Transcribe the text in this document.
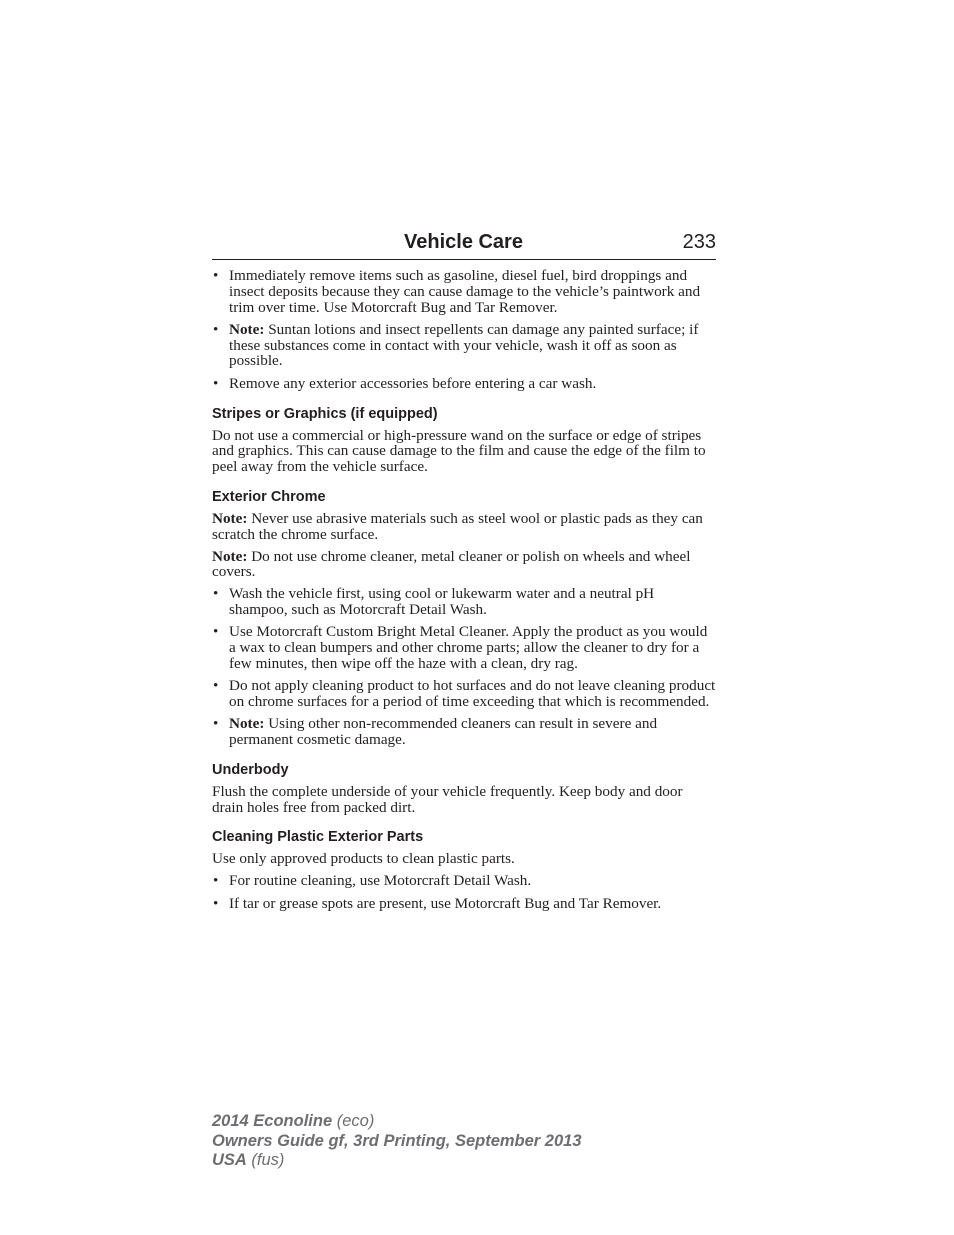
Vehicle Care	233
• Immediately remove items such as gasoline, diesel fuel, bird droppings and insect deposits because they can cause damage to the vehicle’s paintwork and trim over time. Use Motorcraft Bug and Tar Remover.
• Note: Suntan lotions and insect repellents can damage any painted surface; if these substances come in contact with your vehicle, wash it off as soon as possible.
• Remove any exterior accessories before entering a car wash.
Stripes or Graphics (if equipped)
Do not use a commercial or high-pressure wand on the surface or edge of stripes and graphics. This can cause damage to the film and cause the edge of the film to peel away from the vehicle surface.
Exterior Chrome
Note: Never use abrasive materials such as steel wool or plastic pads as they can scratch the chrome surface.
Note: Do not use chrome cleaner, metal cleaner or polish on wheels and wheel covers.
• Wash the vehicle first, using cool or lukewarm water and a neutral pH shampoo, such as Motorcraft Detail Wash.
• Use Motorcraft Custom Bright Metal Cleaner. Apply the product as you would a wax to clean bumpers and other chrome parts; allow the cleaner to dry for a few minutes, then wipe off the haze with a clean, dry rag.
• Do not apply cleaning product to hot surfaces and do not leave cleaning product on chrome surfaces for a period of time exceeding that which is recommended.
• Note: Using other non-recommended cleaners can result in severe and permanent cosmetic damage.
Underbody
Flush the complete underside of your vehicle frequently. Keep body and door drain holes free from packed dirt.
Cleaning Plastic Exterior Parts
Use only approved products to clean plastic parts.
• For routine cleaning, use Motorcraft Detail Wash.
• If tar or grease spots are present, use Motorcraft Bug and Tar Remover.
2014 Econoline (eco)
Owners Guide gf, 3rd Printing, September 2013
USA (fus)
